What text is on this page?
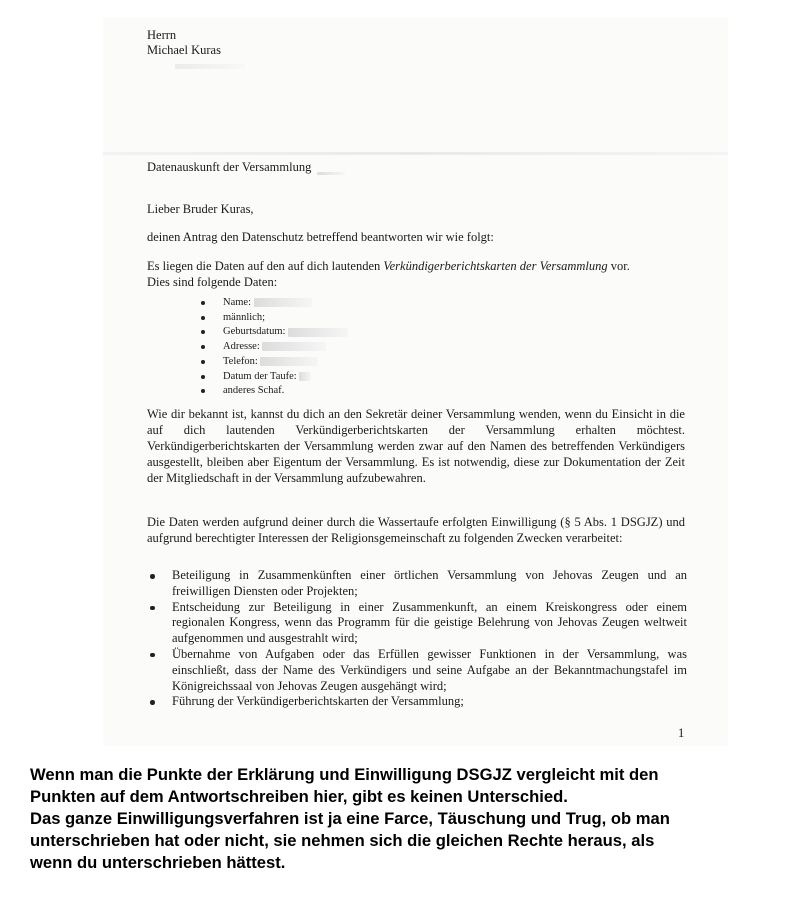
Herrn
Michael Kuras
Datenauskunft der Versammlung
Lieber Bruder Kuras,
deinen Antrag den Datenschutz betreffend beantworten wir wie folgt:
Es liegen die Daten auf den auf dich lautenden Verkündigerberichtskarten der Versammlung vor.
Dies sind folgende Daten:
Name:
männlich;
Geburtsdatum:
Adresse:
Telefon:
Datum der Taufe:
anderes Schaf.
Wie dir bekannt ist, kannst du dich an den Sekretär deiner Versammlung wenden, wenn du Einsicht in die auf dich lautenden Verkündigerberichtskarten der Versammlung erhalten möchtest. Verkündigerberichtskarten der Versammlung werden zwar auf den Namen des betreffenden Verkündigers ausgestellt, bleiben aber Eigentum der Versammlung. Es ist notwendig, diese zur Dokumentation der Zeit der Mitgliedschaft in der Versammlung aufzubewahren.
Die Daten werden aufgrund deiner durch die Wassertaufe erfolgten Einwilligung (§ 5 Abs. 1 DSGJZ) und aufgrund berechtigter Interessen der Religionsgemeinschaft zu folgenden Zwecken verarbeitet:
Beteiligung in Zusammenkünften einer örtlichen Versammlung von Jehovas Zeugen und an freiwilligen Diensten oder Projekten;
Entscheidung zur Beteiligung in einer Zusammenkunft, an einem Kreiskongress oder einem regionalen Kongress, wenn das Programm für die geistige Belehrung von Jehovas Zeugen weltweit aufgenommen und ausgestrahlt wird;
Übernahme von Aufgaben oder das Erfüllen gewisser Funktionen in der Versammlung, was einschließt, dass der Name des Verkündigers und seine Aufgabe an der Bekanntmachungstafel im Königreichssaal von Jehovas Zeugen ausgehängt wird;
Führung der Verkündigerberichtskarten der Versammlung;
1
Wenn man die Punkte der Erklärung und Einwilligung DSGJZ vergleicht mit den
Punkten auf dem Antwortschreiben hier, gibt es keinen Unterschied.
Das ganze Einwilligungsverfahren ist ja eine Farce, Täuschung und Trug, ob man
unterschrieben hat oder nicht, sie nehmen sich die gleichen Rechte heraus, als
wenn du unterschrieben hättest.
